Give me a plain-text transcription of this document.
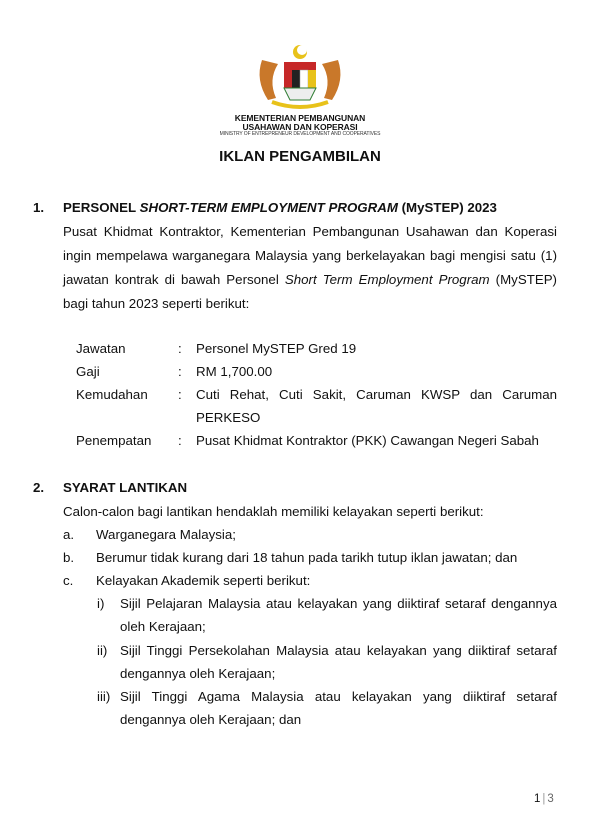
KEMENTERIAN PEMBANGUNAN
USAHAWAN DAN KOPERASI
MINISTRY OF ENTREPRENEUR DEVELOPMENT AND COOPERATIVES
IKLAN PENGAMBILAN
1. PERSONEL SHORT-TERM EMPLOYMENT PROGRAM (MySTEP) 2023
Pusat Khidmat Kontraktor, Kementerian Pembangunan Usahawan dan Koperasi
ingin mempelawa warganegara Malaysia yang berkelayakan bagi mengisi satu (1)
jawatan kontrak di bawah Personel Short Term Employment Program (MySTEP)
bagi tahun 2023 seperti berikut:
Jawatan	: Personel MySTEP Gred 19
Gaji	: RM 1,700.00
Kemudahan : Cuti Rehat, Cuti Sakit, Caruman KWSP dan Caruman
PERKESO
Penempatan : Pusat Khidmat Kontraktor (PKK) Cawangan Negeri Sabah
2. SYARAT LANTIKAN
Calon-calon bagi lantikan hendaklah memiliki kelayakan seperti berikut:
a. Warganegara Malaysia;
b. Berumur tidak kurang dari 18 tahun pada tarikh tutup iklan jawatan; dan
c. Kelayakan Akademik seperti berikut:
i) Sijil Pelajaran Malaysia atau kelayakan yang diiktiraf setaraf dengannya
oleh Kerajaan;
ii) Sijil Tinggi Persekolahan Malaysia atau kelayakan yang diiktiraf setaraf
dengannya oleh Kerajaan;
iii) Sijil Tinggi Agama Malaysia atau kelayakan yang diiktiraf setaraf
dengannya oleh Kerajaan; dan
1 | 3
